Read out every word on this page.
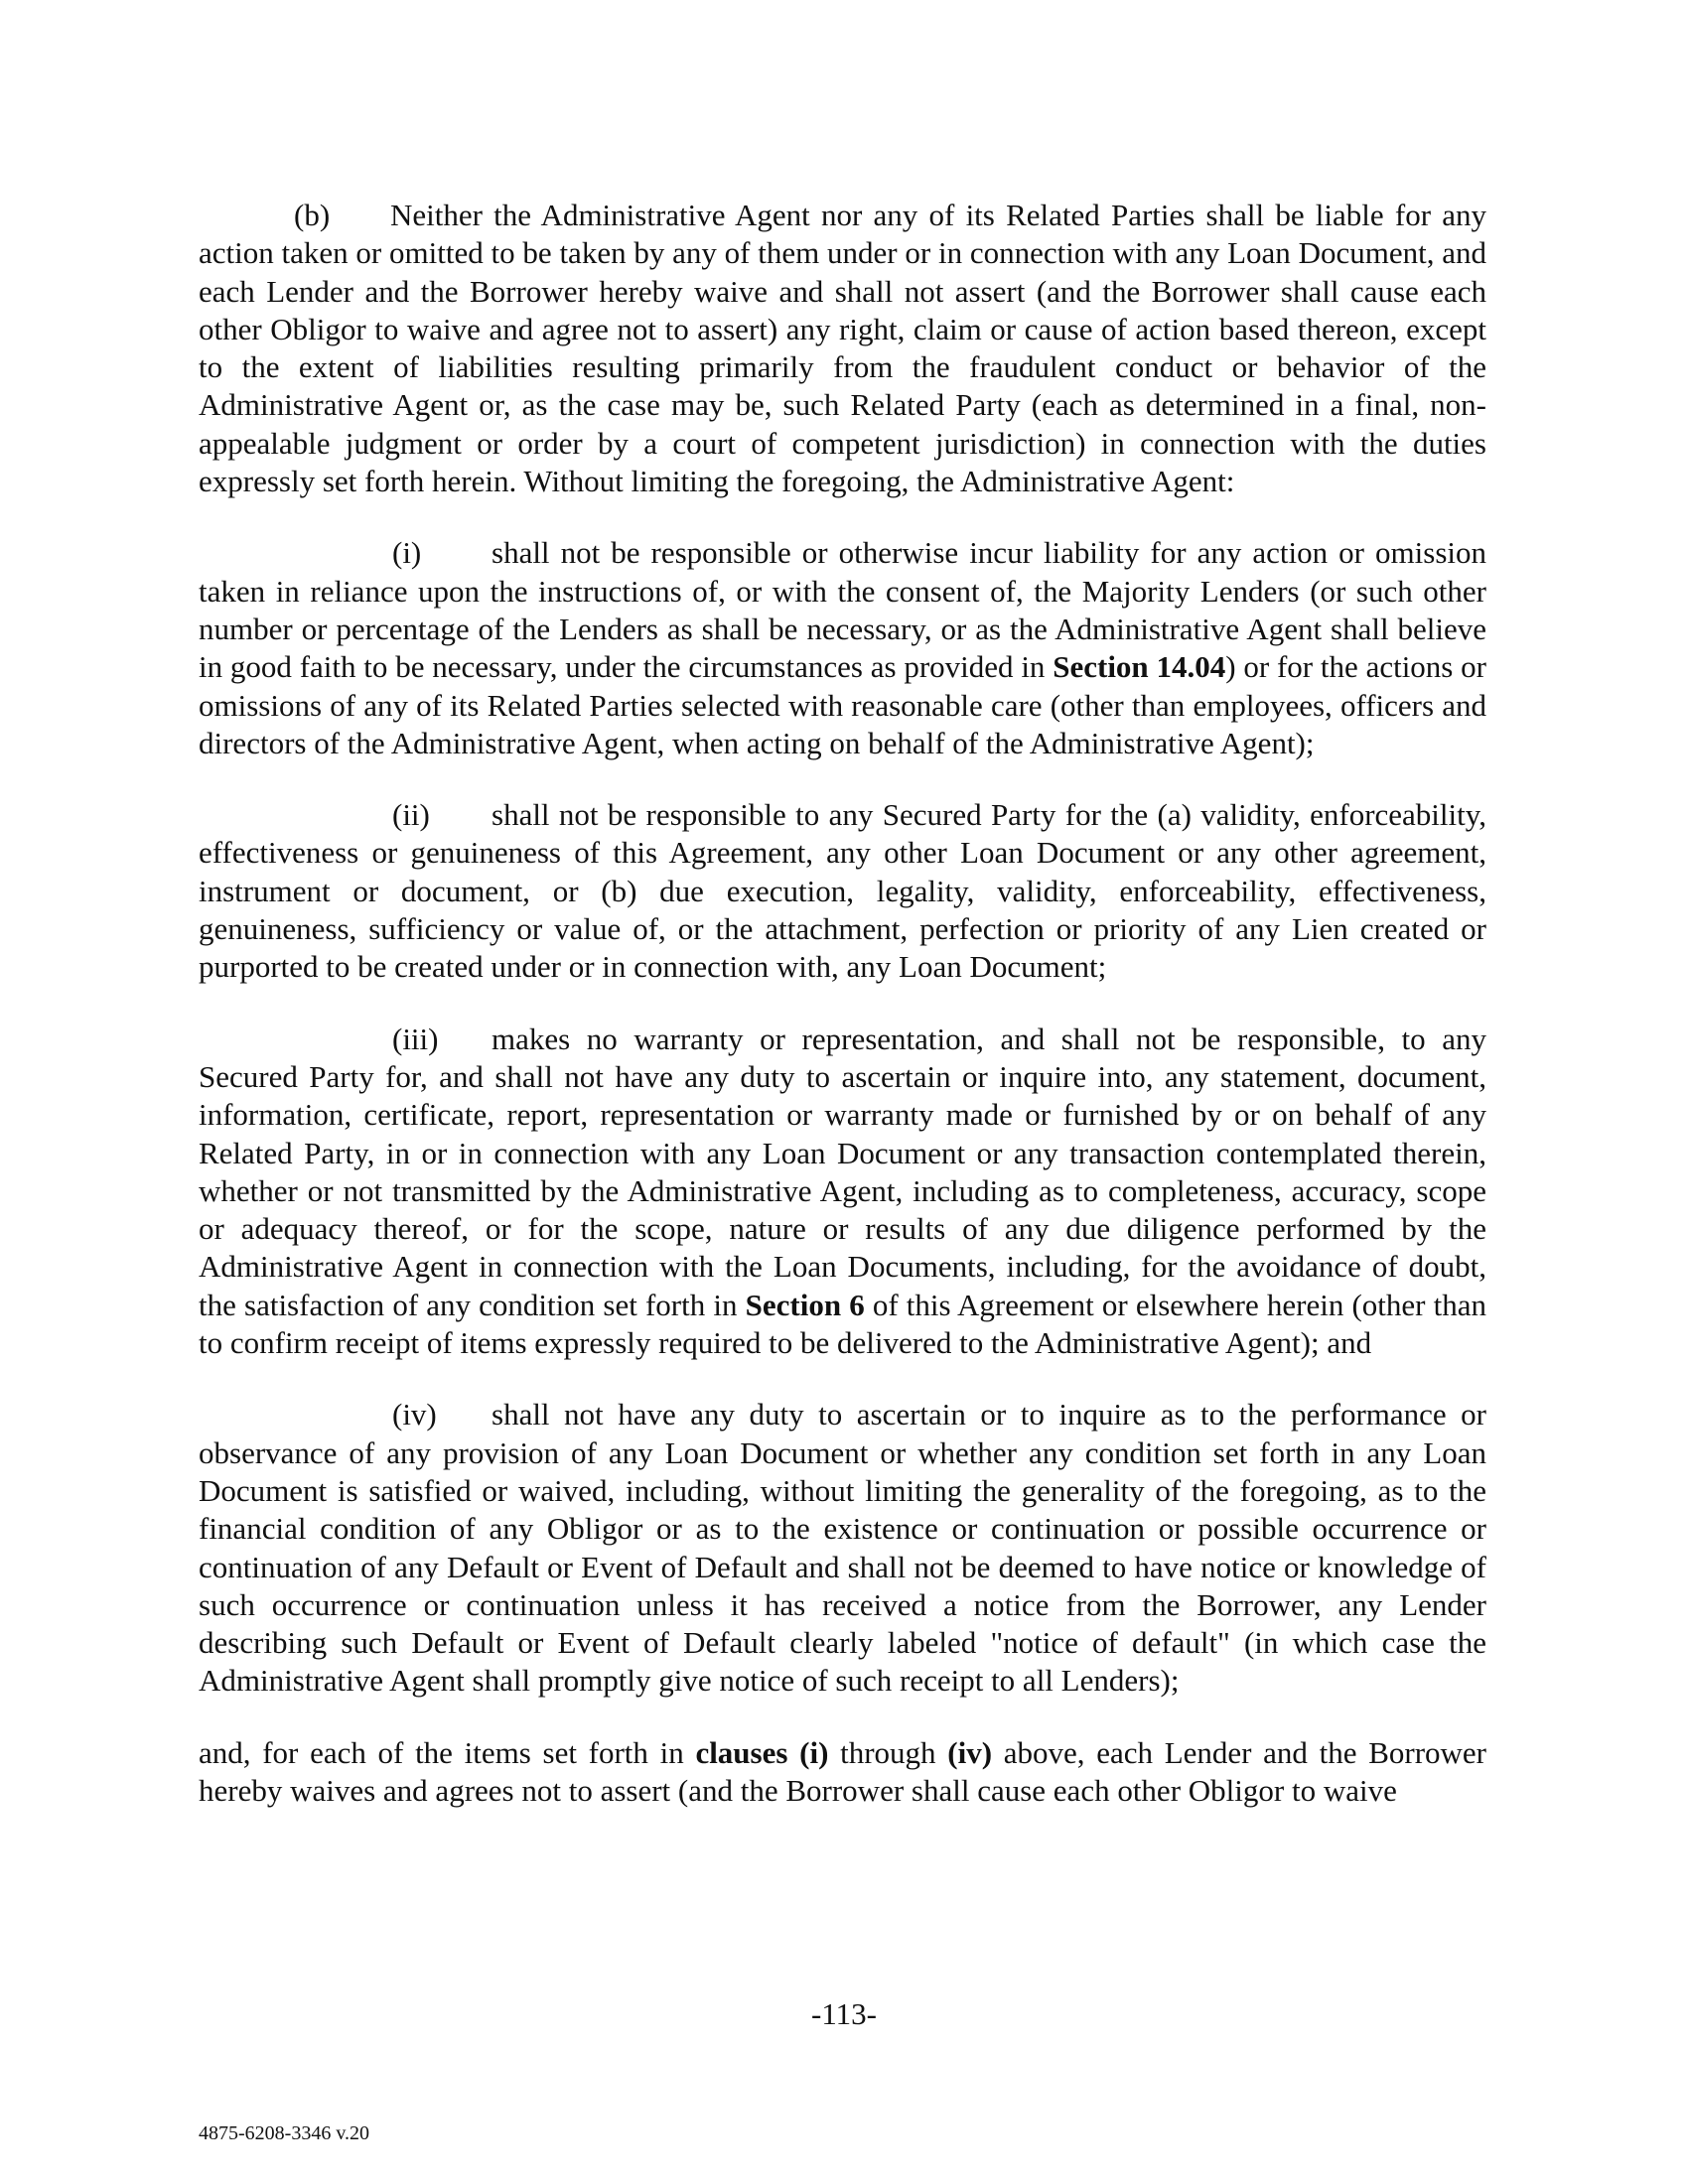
(b) Neither the Administrative Agent nor any of its Related Parties shall be liable for any action taken or omitted to be taken by any of them under or in connection with any Loan Document, and each Lender and the Borrower hereby waive and shall not assert (and the Borrower shall cause each other Obligor to waive and agree not to assert) any right, claim or cause of action based thereon, except to the extent of liabilities resulting primarily from the fraudulent conduct or behavior of the Administrative Agent or, as the case may be, such Related Party (each as determined in a final, non-appealable judgment or order by a court of competent jurisdiction) in connection with the duties expressly set forth herein. Without limiting the foregoing, the Administrative Agent:

(i) shall not be responsible or otherwise incur liability for any action or omission taken in reliance upon the instructions of, or with the consent of, the Majority Lenders (or such other number or percentage of the Lenders as shall be necessary, or as the Administrative Agent shall believe in good faith to be necessary, under the circumstances as provided in Section 14.04) or for the actions or omissions of any of its Related Parties selected with reasonable care (other than employees, officers and directors of the Administrative Agent, when acting on behalf of the Administrative Agent);

(ii) shall not be responsible to any Secured Party for the (a) validity, enforceability, effectiveness or genuineness of this Agreement, any other Loan Document or any other agreement, instrument or document, or (b) due execution, legality, validity, enforceability, effectiveness, genuineness, sufficiency or value of, or the attachment, perfection or priority of any Lien created or purported to be created under or in connection with, any Loan Document;

(iii) makes no warranty or representation, and shall not be responsible, to any Secured Party for, and shall not have any duty to ascertain or inquire into, any statement, document, information, certificate, report, representation or warranty made or furnished by or on behalf of any Related Party, in or in connection with any Loan Document or any transaction contemplated therein, whether or not transmitted by the Administrative Agent, including as to completeness, accuracy, scope or adequacy thereof, or for the scope, nature or results of any due diligence performed by the Administrative Agent in connection with the Loan Documents, including, for the avoidance of doubt, the satisfaction of any condition set forth in Section 6 of this Agreement or elsewhere herein (other than to confirm receipt of items expressly required to be delivered to the Administrative Agent); and

(iv) shall not have any duty to ascertain or to inquire as to the performance or observance of any provision of any Loan Document or whether any condition set forth in any Loan Document is satisfied or waived, including, without limiting the generality of the foregoing, as to the financial condition of any Obligor or as to the existence or continuation or possible occurrence or continuation of any Default or Event of Default and shall not be deemed to have notice or knowledge of such occurrence or continuation unless it has received a notice from the Borrower, any Lender describing such Default or Event of Default clearly labeled "notice of default" (in which case the Administrative Agent shall promptly give notice of such receipt to all Lenders);

and, for each of the items set forth in clauses (i) through (iv) above, each Lender and the Borrower hereby waives and agrees not to assert (and the Borrower shall cause each other Obligor to waive

-113-
4875-6208-3346 v.20
